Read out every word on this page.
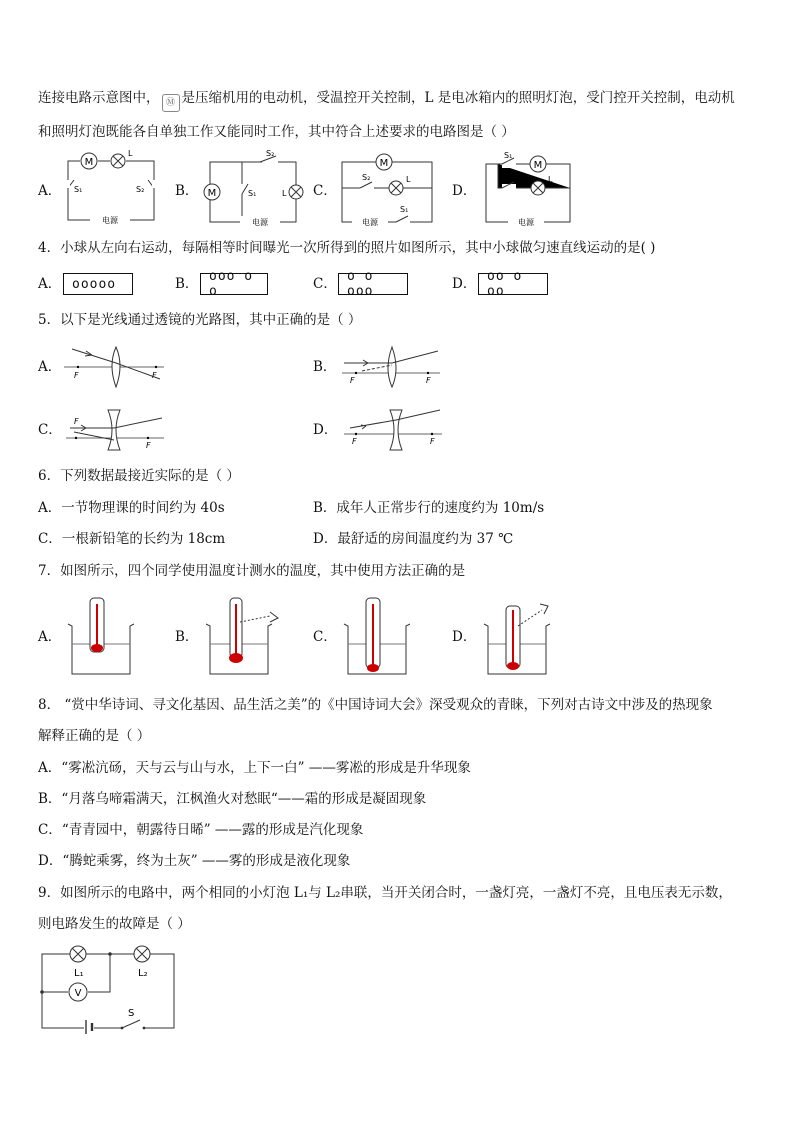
连接电路示意图中， Ⓜ 是压缩机用的电动机，受温控开关控制，L 是电冰箱内的照明灯泡，受门控开关控制，电动机
和照明灯泡既能各自单独工作又能同时工作，其中符合上述要求的电路图是（ ）
A．	B．	C．	D．
M
L
S₁	S₂
电源
S₂
M	S₁	L
电源
M
S₂	L
S₁
电源
S₁
M
S₂	L
电源
4．小球从左向右运动，每隔相等时间曝光一次所得到的照片如图所示，其中小球做匀速直线运动的是( )
A． ooooo	B． ooo o o	C． o o ooo	D． oo o oo
5．以下是光线通过透镜的光路图，其中正确的是（ ）
A．
F	F
B．
F	F
C．
F
F
D．
F	F
6．下列数据最接近实际的是（ ）
A．一节物理课的时间约为 40s	B．成年人正常步行的速度约为 10m/s
C．一根新铅笔的长约为 18cm	D．最舒适的房间温度约为 37 ℃
7．如图所示，四个同学使用温度计测水的温度，其中使用方法正确的是
A．	B．	C．	D．
8． “赏中华诗词、寻文化基因、品生活之美”的《中国诗词大会》深受观众的青睐，下列对古诗文中涉及的热现象
解释正确的是（ ）
A．“雾凇沆砀，天与云与山与水，上下一白” ——雾凇的形成是升华现象
B．“月落乌啼霜满天，江枫渔火对愁眠“——霜的形成是凝固现象
C．“青青园中，朝露待日晞” ——露的形成是汽化现象
D．“腾蛇乘雾，终为土灰” ——雾的形成是液化现象
9．如图所示的电路中，两个相同的小灯泡 L₁与 L₂串联，当开关闭合时，一盏灯亮，一盏灯不亮，且电压表无示数，
则电路发生的故障是（ ）
L₁
V
L₂
S
